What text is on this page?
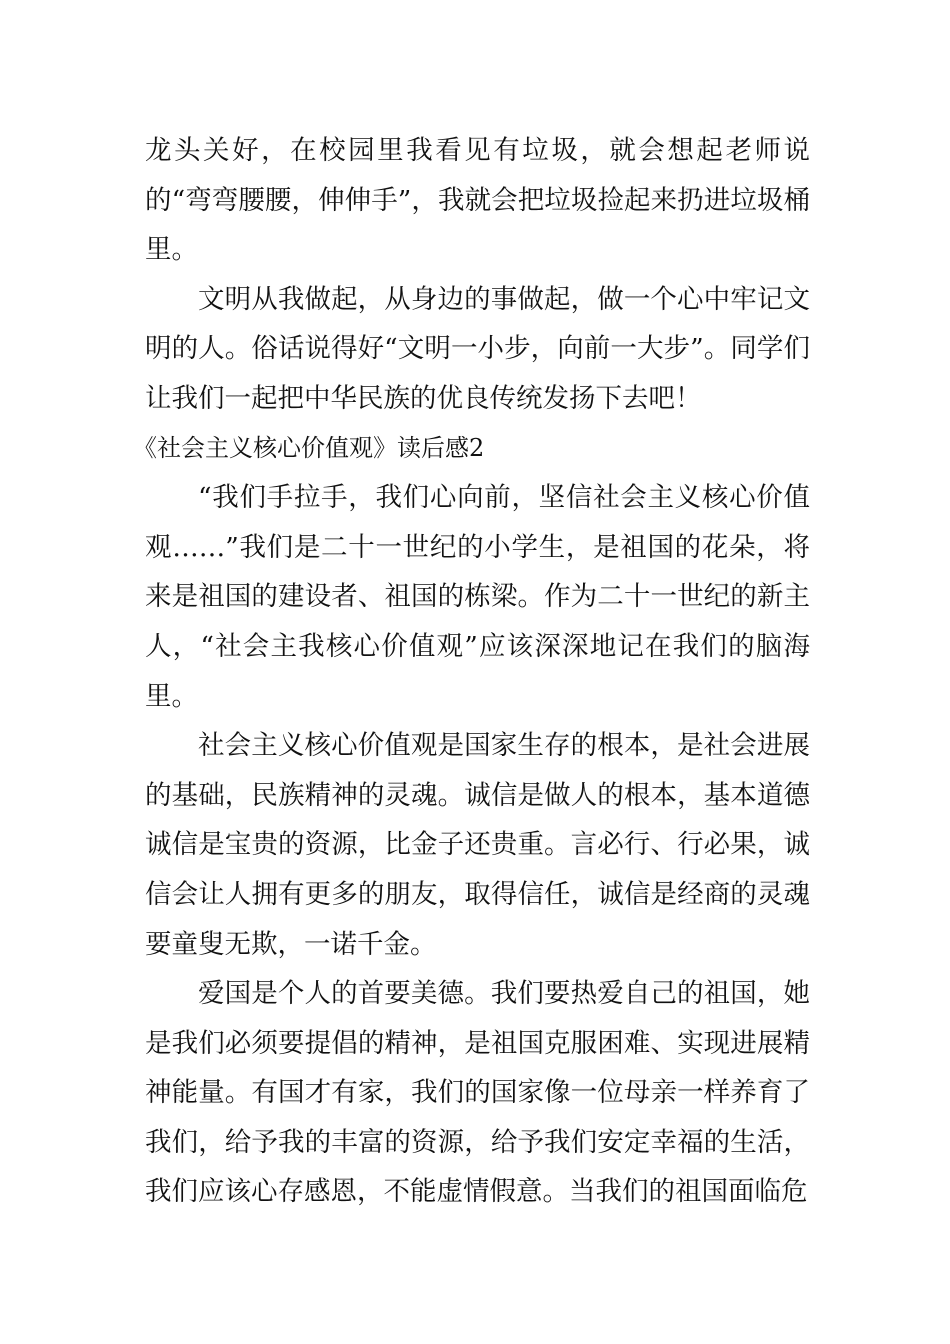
龙头关好，在校园里我看见有垃圾，就会想起老师说的“弯弯腰腰，伸伸手”，我就会把垃圾捡起来扔进垃圾桶里。

文明从我做起，从身边的事做起，做一个心中牢记文明的人。俗话说得好“文明一小步，向前一大步”。同学们让我们一起把中华民族的优良传统发扬下去吧！

《社会主义核心价值观》读后感2

“我们手拉手，我们心向前，坚信社会主义核心价值观……”我们是二十一世纪的小学生，是祖国的花朵，将来是祖国的建设者、祖国的栋梁。作为二十一世纪的新主人，“社会主我核心价值观”应该深深地记在我们的脑海里。

社会主义核心价值观是国家生存的根本，是社会进展的基础，民族精神的灵魂。诚信是做人的根本，基本道德诚信是宝贵的资源，比金子还贵重。言必行、行必果，诚信会让人拥有更多的朋友，取得信任，诚信是经商的灵魂要童叟无欺，一诺千金。

爱国是个人的首要美德。我们要热爱自己的祖国，她是我们必须要提倡的精神，是祖国克服困难、实现进展精神能量。有国才有家，我们的国家像一位母亲一样养育了我们，给予我的丰富的资源，给予我们安定幸福的生活，我们应该心存感恩，不能虚情假意。当我们的祖国面临危
